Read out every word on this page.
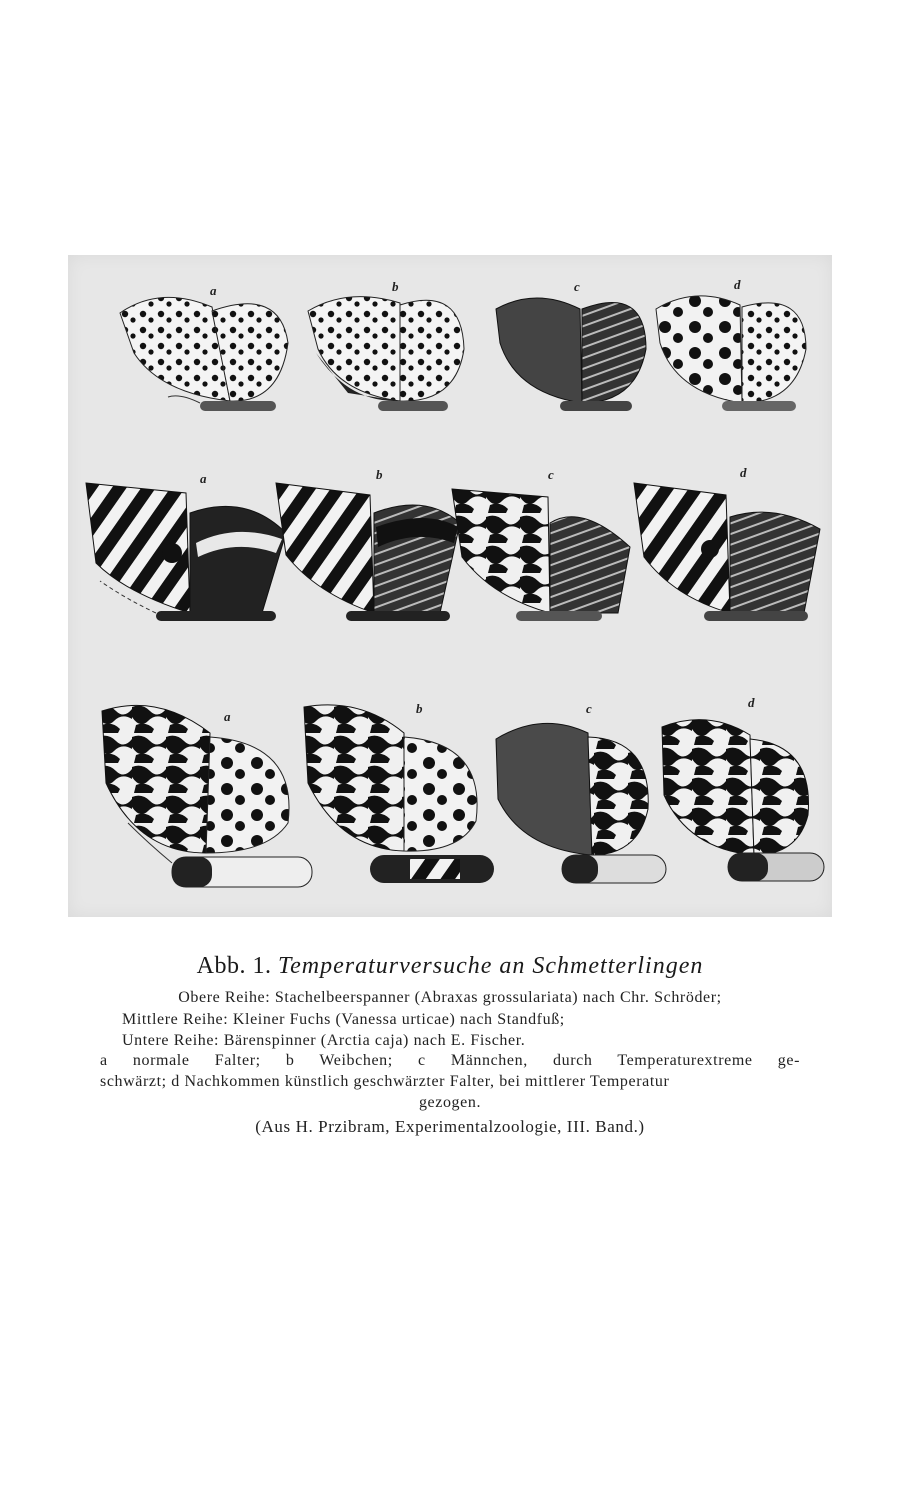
a	b	c	d
a	b	c	d
a
b	c	d
Abb. 1. Temperaturversuche an Schmetterlingen
Obere Reihe: Stachelbeerspanner (Abraxas grossulariata) nach Chr. Schröder;
Mittlere Reihe: Kleiner Fuchs (Vanessa urticae) nach Standfuß;
Untere Reihe: Bärenspinner (Arctia caja) nach E. Fischer.
a normale Falter; b Weibchen; c Männchen, durch Temperaturextreme ge-
schwärzt; d Nachkommen künstlich geschwärzter Falter, bei mittlerer Temperatur
gezogen.
(Aus H. Przibram, Experimentalzoologie, III. Band.)
